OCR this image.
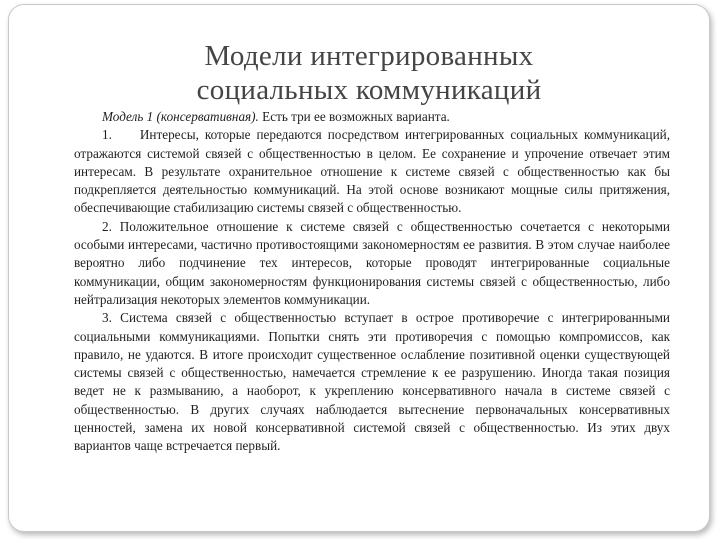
Модели интегрированных
социальных коммуникаций

Модель 1 (консервативная). Есть три ее возможных варианта.

1. Интересы, которые передаются посредством интегрированных социальных коммуникаций, отражаются системой связей с общественностью в целом. Ее сохранение и упрочение отвечает этим интересам. В результате охранительное отношение к системе связей с общественностью как бы подкрепляется деятельностью коммуникаций. На этой основе возникают мощные силы притяжения, обеспечивающие стабилизацию системы связей с общественностью.

2. Положительное отношение к системе связей с общественностью сочетается с некоторыми особыми интересами, частично противостоящими закономерностям ее развития. В этом случае наиболее вероятно либо подчинение тех интересов, которые проводят интегрированные социальные коммуникации, общим закономерностям функционирования системы связей с общественностью, либо нейтрализация некоторых элементов коммуникации.

3. Система связей с общественностью вступает в острое противоречие с интегрированными социальными коммуникациями. Попытки снять эти противоречия с помощью компромиссов, как правило, не удаются. В итоге происходит существенное ослабление позитивной оценки существующей системы связей с общественностью, намечается стремление к ее разрушению. Иногда такая позиция ведет не к размыванию, а наоборот, к укреплению консервативного начала в системе связей с общественностью. В других случаях наблюдается вытеснение первоначальных консервативных ценностей, замена их новой консервативной системой связей с общественностью. Из этих двух вариантов чаще встречается первый.
